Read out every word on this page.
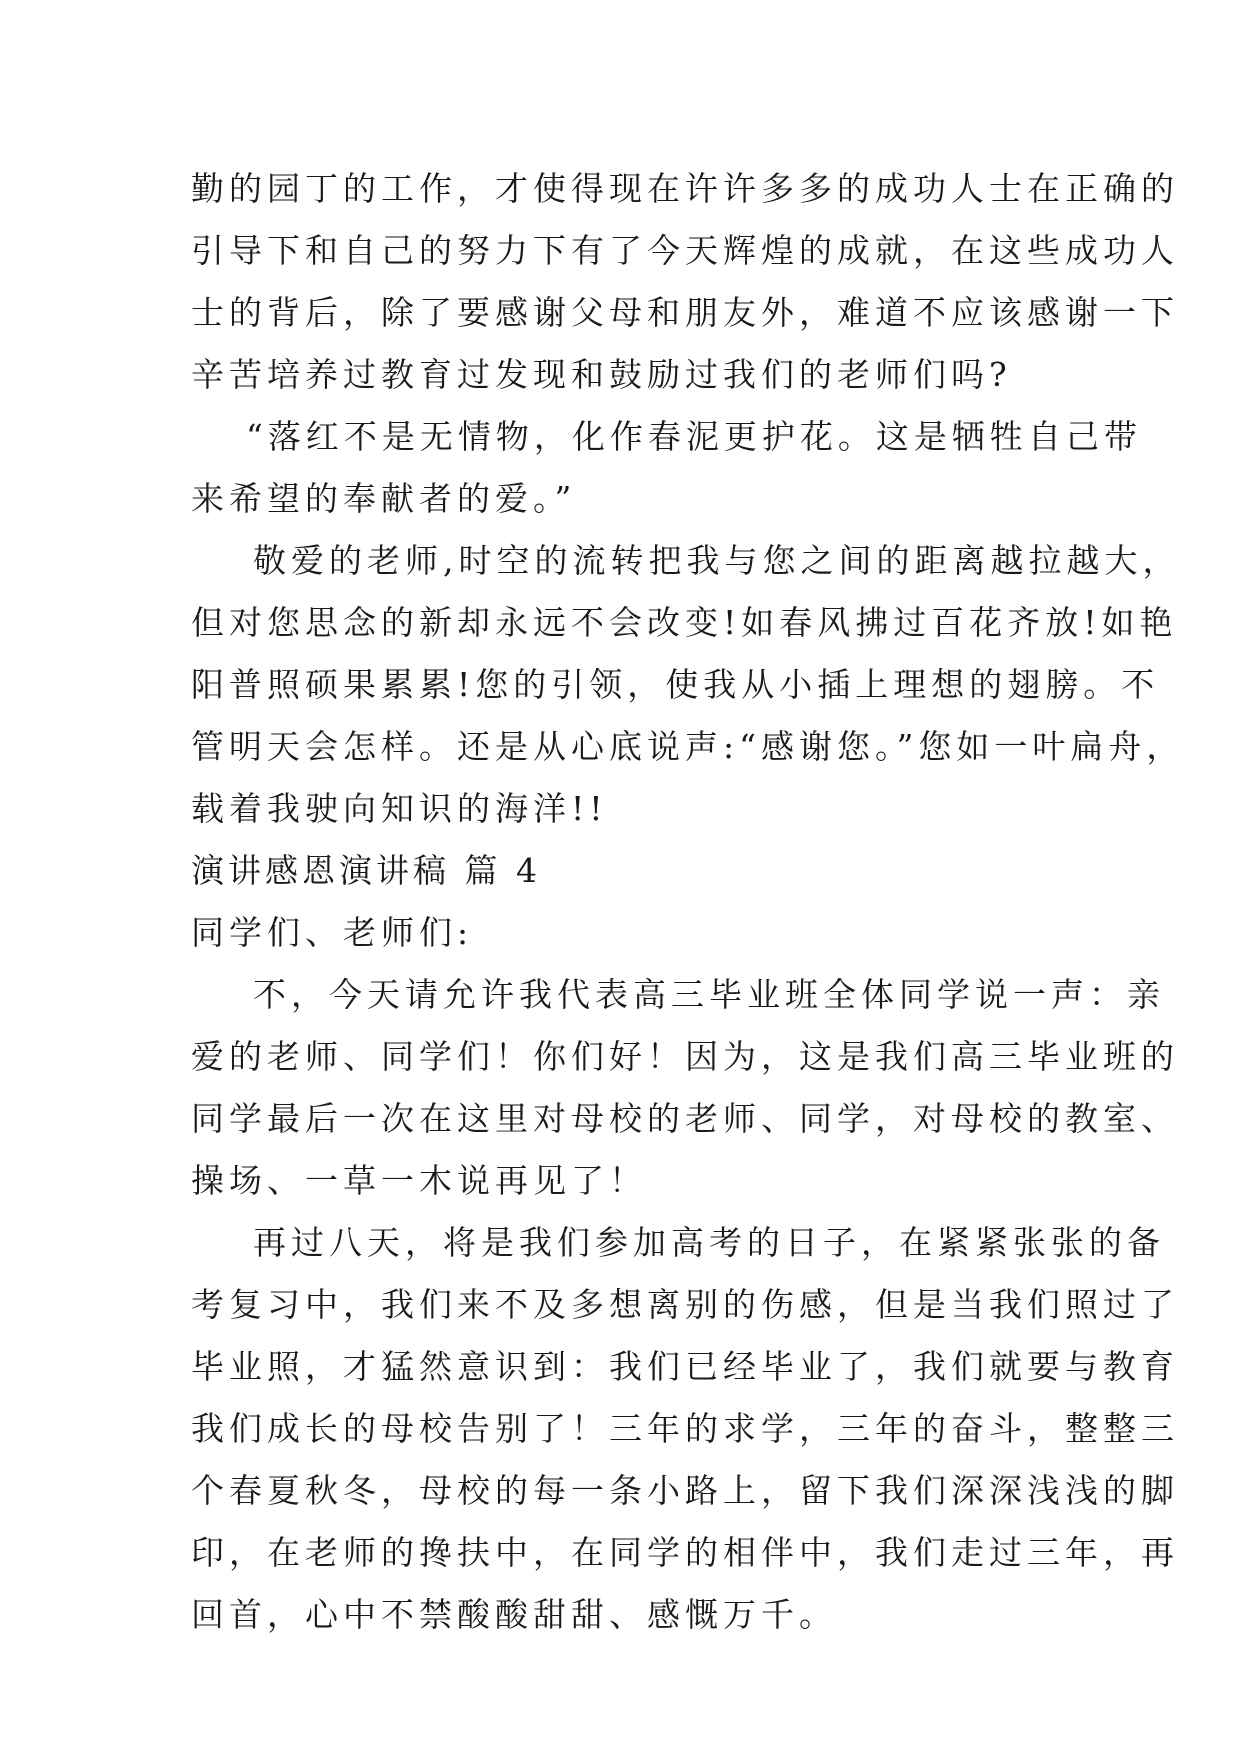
勤的园丁的工作，才使得现在许许多多的成功人士在正确的
引导下和自己的努力下有了今天辉煌的成就，在这些成功人
士的背后，除了要感谢父母和朋友外，难道不应该感谢一下
辛苦培养过教育过发现和鼓励过我们的老师们吗?
“落红不是无情物，化作春泥更护花。这是牺牲自己带
来希望的奉献者的爱。”
敬爱的老师,时空的流转把我与您之间的距离越拉越大，
但对您思念的新却永远不会改变!如春风拂过百花齐放!如艳
阳普照硕果累累!您的引领，使我从小插上理想的翅膀。不
管明天会怎样。还是从心底说声:“感谢您。”您如一叶扁舟，
载着我驶向知识的海洋!!
演讲感恩演讲稿 篇 4
同学们、老师们:
不，今天请允许我代表高三毕业班全体同学说一声：亲
爱的老师、同学们！你们好！因为，这是我们高三毕业班的
同学最后一次在这里对母校的老师、同学，对母校的教室、
操场、一草一木说再见了！
再过八天，将是我们参加高考的日子，在紧紧张张的备
考复习中，我们来不及多想离别的伤感，但是当我们照过了
毕业照，才猛然意识到：我们已经毕业了，我们就要与教育
我们成长的母校告别了！三年的求学，三年的奋斗，整整三
个春夏秋冬，母校的每一条小路上，留下我们深深浅浅的脚
印，在老师的搀扶中，在同学的相伴中，我们走过三年，再
回首，心中不禁酸酸甜甜、感慨万千。
